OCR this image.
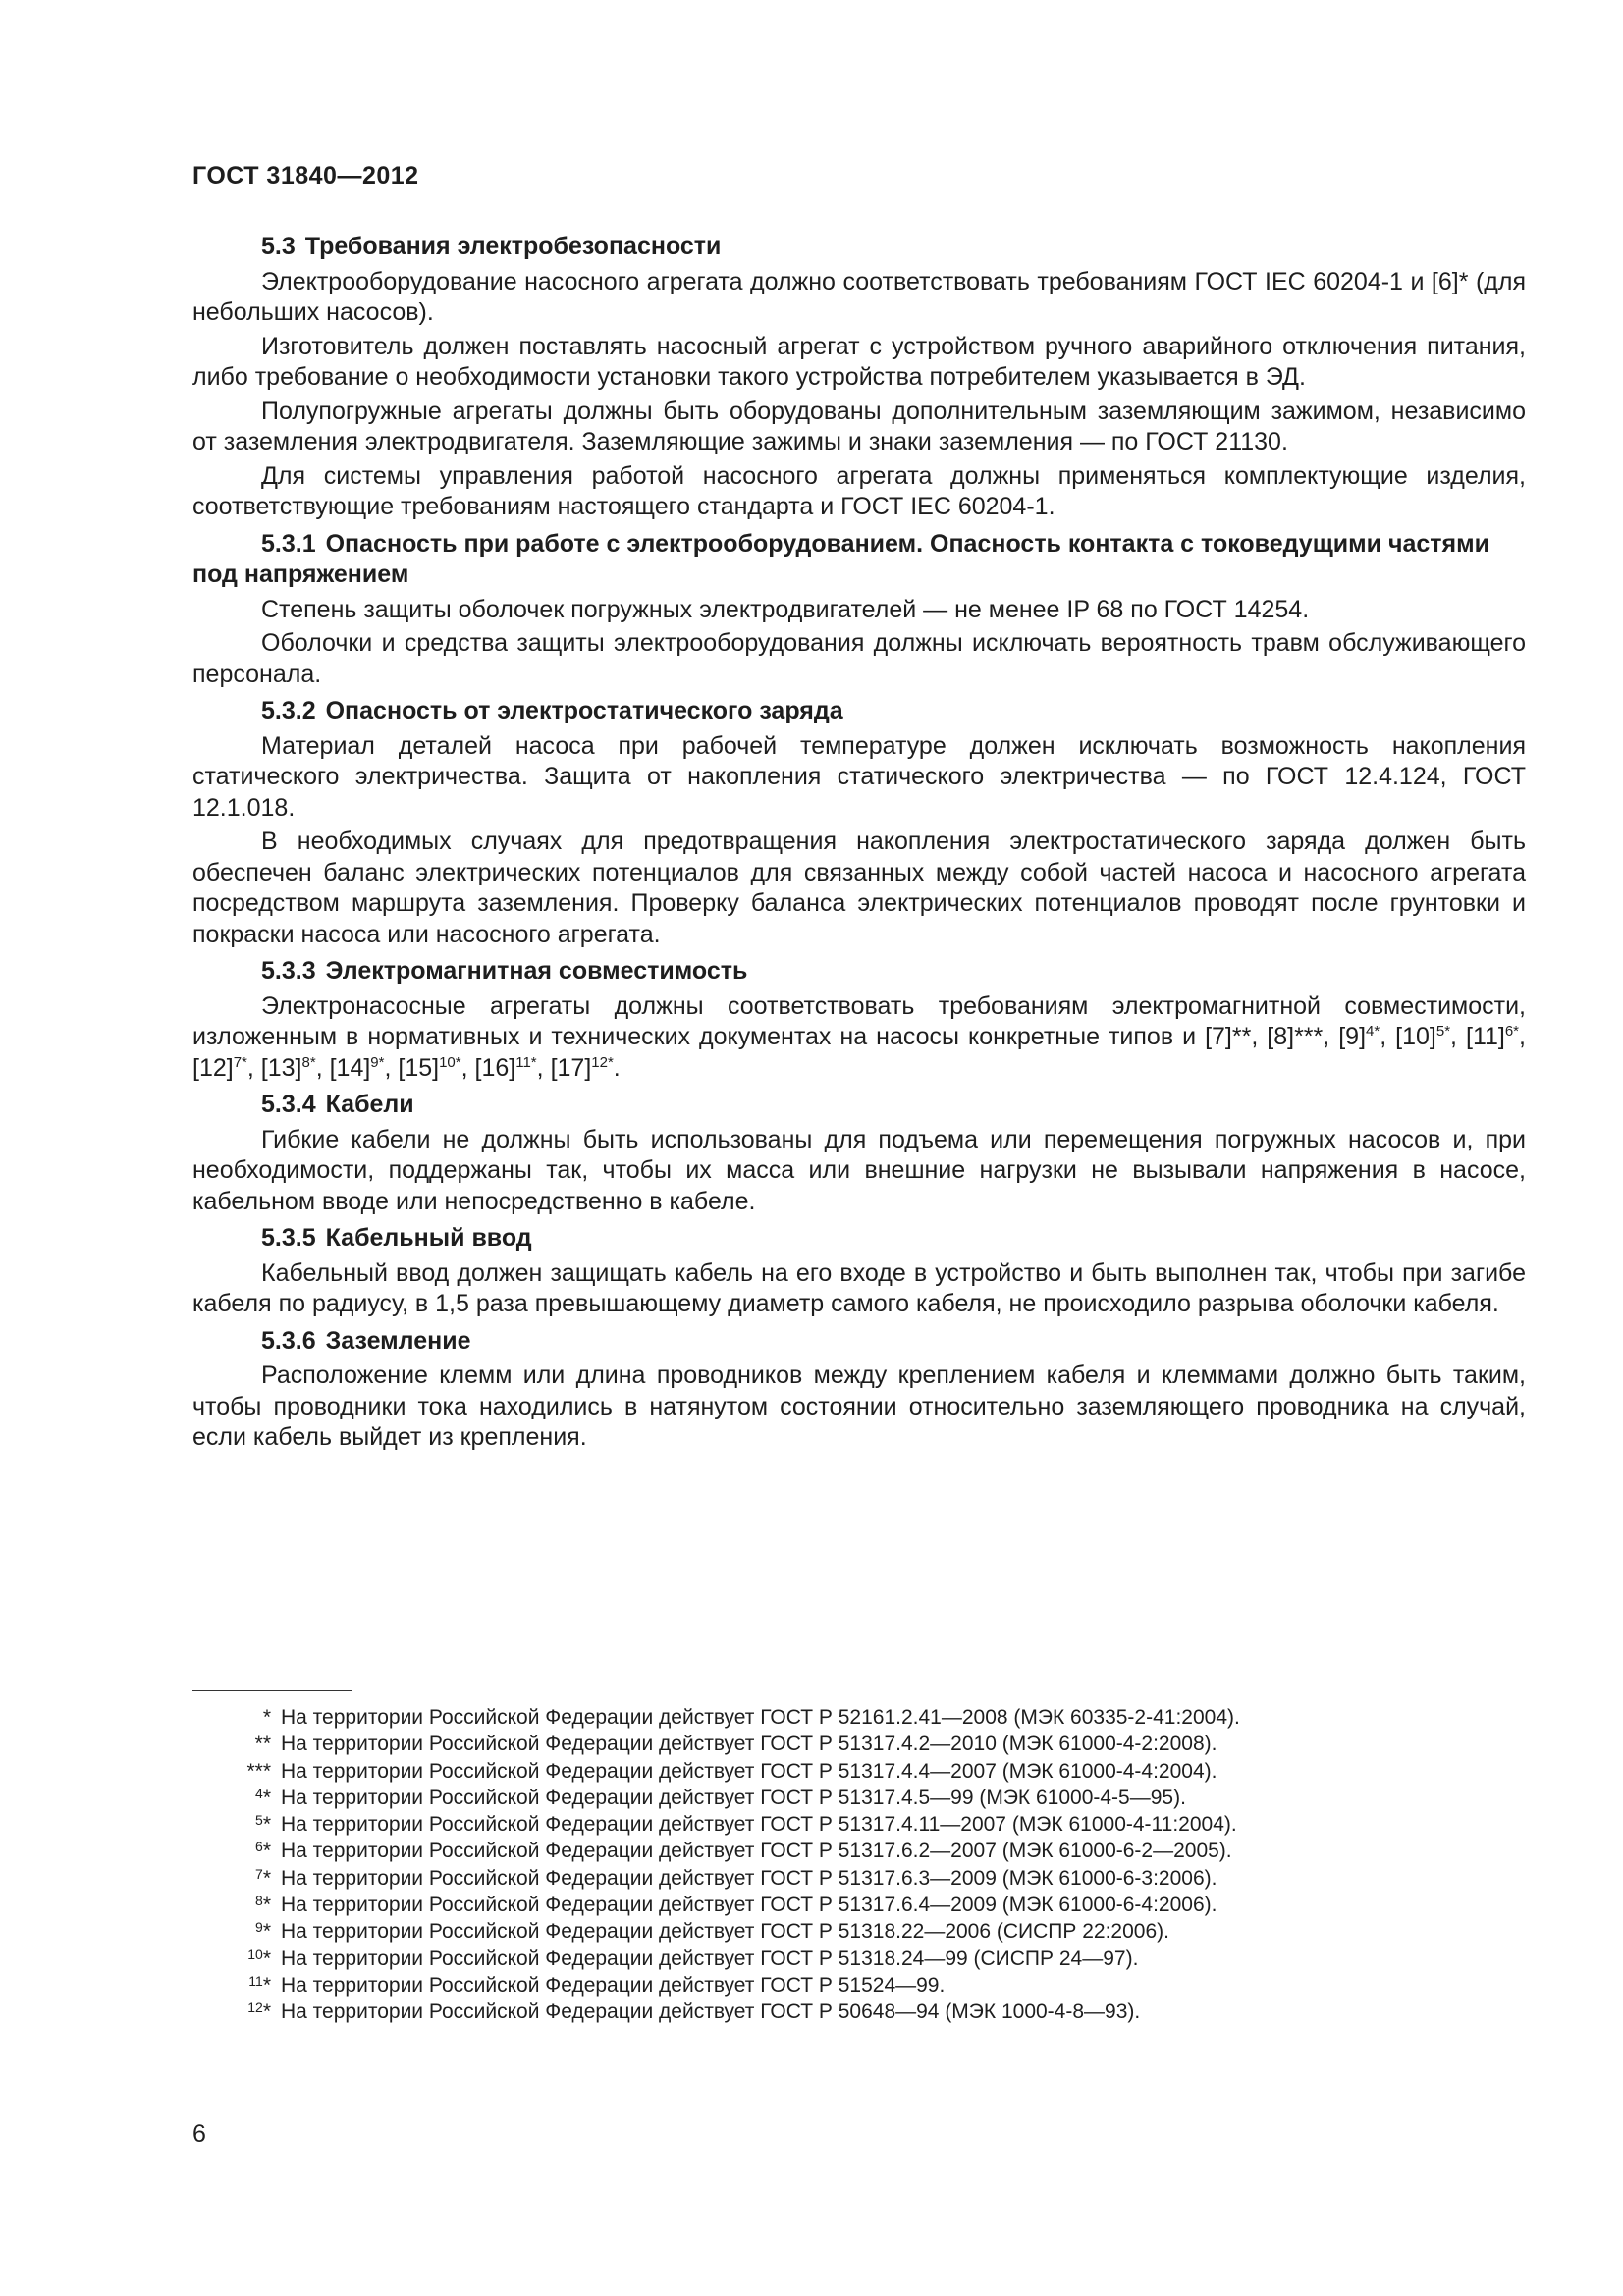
ГОСТ 31840—2012
5.3 Требования электробезопасности

Электрооборудование насосного агрегата должно соответствовать требованиям ГОСТ IEC 60204-1 и [6]* (для небольших насосов).

Изготовитель должен поставлять насосный агрегат с устройством ручного аварийного отключения питания, либо требование о необходимости установки такого устройства потребителем указывается в ЭД.

Полупогружные агрегаты должны быть оборудованы дополнительным заземляющим зажимом, независимо от заземления электродвигателя. Заземляющие зажимы и знаки заземления — по ГОСТ 21130.

Для системы управления работой насосного агрегата должны применяться комплектующие изделия, соответствующие требованиям настоящего стандарта и ГОСТ IEC 60204-1.

5.3.1 Опасность при работе с электрооборудованием. Опасность контакта с токоведущими частями под напряжением

Степень защиты оболочек погружных электродвигателей — не менее IP 68 по ГОСТ 14254.

Оболочки и средства защиты электрооборудования должны исключать вероятность травм обслуживающего персонала.

5.3.2 Опасность от электростатического заряда

Материал деталей насоса при рабочей температуре должен исключать возможность накопления статического электричества. Защита от накопления статического электричества — по ГОСТ 12.4.124, ГОСТ 12.1.018.

В необходимых случаях для предотвращения накопления электростатического заряда должен быть обеспечен баланс электрических потенциалов для связанных между собой частей насоса и насосного агрегата посредством маршрута заземления. Проверку баланса электрических потенциалов проводят после грунтовки и покраски насоса или насосного агрегата.

5.3.3 Электромагнитная совместимость

Электронасосные агрегаты должны соответствовать требованиям электромагнитной совместимости, изложенным в нормативных и технических документах на насосы конкретные типов и [7]**, [8]***, $[9]^{4*}$, $[10]^{5*}$, $[11]^{6*}$, $[12]^{7*}$, $[13]^{8*}$, $[14]^{9*}$, $[15]^{10*}$, $[16]^{11*}$, $[17]^{12*}$.

5.3.4 Кабели

Гибкие кабели не должны быть использованы для подъема или перемещения погружных насосов и, при необходимости, поддержаны так, чтобы их масса или внешние нагрузки не вызывали напряжения в насосе, кабельном вводе или непосредственно в кабеле.

5.3.5 Кабельный ввод

Кабельный ввод должен защищать кабель на его входе в устройство и быть выполнен так, чтобы при загибе кабеля по радиусу, в 1,5 раза превышающему диаметр самого кабеля, не происходило разрыва оболочки кабеля.

5.3.6 Заземление

Расположение клемм или длина проводников между креплением кабеля и клеммами должно быть таким, чтобы проводники тока находились в натянутом состоянии относительно заземляющего проводника на случай, если кабель выйдет из крепления.

* На территории Российской Федерации действует ГОСТ Р 52161.2.41—2008 (МЭК 60335-2-41:2004).
** На территории Российской Федерации действует ГОСТ Р 51317.4.2—2010 (МЭК 61000-4-2:2008).
*** На территории Российской Федерации действует ГОСТ Р 51317.4.4—2007 (МЭК 61000-4-4:2004).
$^4$* На территории Российской Федерации действует ГОСТ Р 51317.4.5—99 (МЭК 61000-4-5—95).
$^5$* На территории Российской Федерации действует ГОСТ Р 51317.4.11—2007 (МЭК 61000-4-11:2004).
$^6$* На территории Российской Федерации действует ГОСТ Р 51317.6.2—2007 (МЭК 61000-6-2—2005).
$^7$* На территории Российской Федерации действует ГОСТ Р 51317.6.3—2009 (МЭК 61000-6-3:2006).
$^8$* На территории Российской Федерации действует ГОСТ Р 51317.6.4—2009 (МЭК 61000-6-4:2006).
$^9$* На территории Российской Федерации действует ГОСТ Р 51318.22—2006 (СИСПР 22:2006).
$^{10}$* На территории Российской Федерации действует ГОСТ Р 51318.24—99 (СИСПР 24—97).
$^{11}$* На территории Российской Федерации действует ГОСТ Р 51524—99.
$^{12}$* На территории Российской Федерации действует ГОСТ Р 50648—94 (МЭК 1000-4-8—93).
6
